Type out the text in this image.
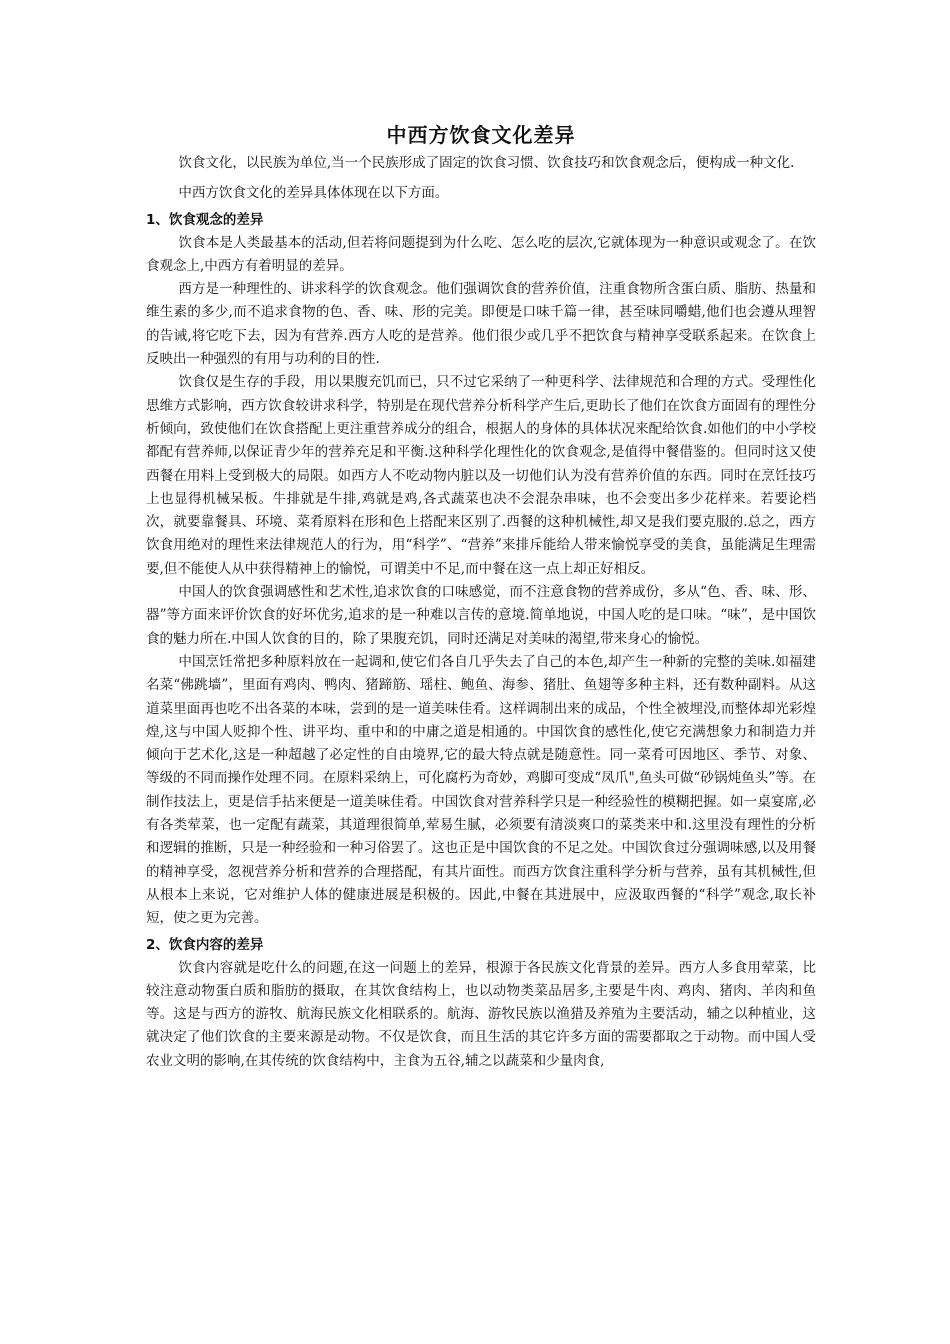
中西方饮食文化差异

饮食文化，以民族为单位,当一个民族形成了固定的饮食习惯、饮食技巧和饮食观念后，便构成一种文化.

中西方饮食文化的差异具体体现在以下方面。

1、饮食观念的差异

饮食本是人类最基本的活动,但若将问题提到为什么吃、怎么吃的层次,它就体现为一种意识或观念了。在饮食观念上,中西方有着明显的差异。

西方是一种理性的、讲求科学的饮食观念。他们强调饮食的营养价值，注重食物所含蛋白质、脂肪、热量和维生素的多少,而不追求食物的色、香、味、形的完美。即便是口味千篇一律，甚至味同嚼蜡,他们也会遵从理智的告诫,将它吃下去，因为有营养.西方人吃的是营养。他们很少或几乎不把饮食与精神享受联系起来。在饮食上反映出一种强烈的有用与功利的目的性.

饮食仅是生存的手段，用以果腹充饥而已，只不过它采纳了一种更科学、法律规范和合理的方式。受理性化思维方式影响，西方饮食较讲求科学，特别是在现代营养分析科学产生后,更助长了他们在饮食方面固有的理性分析倾向，致使他们在饮食搭配上更注重营养成分的组合，根据人的身体的具体状况来配给饮食.如他们的中小学校都配有营养师,以保证青少年的营养充足和平衡.这种科学化理性化的饮食观念,是值得中餐借鉴的。但同时这又使西餐在用料上受到极大的局限。如西方人不吃动物内脏以及一切他们认为没有营养价值的东西。同时在烹饪技巧上也显得机械呆板。牛排就是牛排,鸡就是鸡,各式蔬菜也决不会混杂串味，也不会变出多少花样来。若要论档次，就要靠餐具、环境、菜肴原料在形和色上搭配来区别了.西餐的这种机械性,却又是我们要克服的.总之，西方饮食用绝对的理性来法律规范人的行为，用“科学”、“营养”来排斥能给人带来愉悦享受的美食，虽能满足生理需要,但不能使人从中获得精神上的愉悦，可谓美中不足,而中餐在这一点上却正好相反。

中国人的饮食强调感性和艺术性,追求饮食的口味感觉，而不注意食物的营养成份，多从“色、香、味、形、器”等方面来评价饮食的好坏优劣,追求的是一种难以言传的意境.简单地说，中国人吃的是口味。“味”，是中国饮食的魅力所在.中国人饮食的目的，除了果腹充饥，同时还满足对美味的渴望,带来身心的愉悦。

中国烹饪常把多种原料放在一起调和,使它们各自几乎失去了自己的本色,却产生一种新的完整的美味.如福建名菜“佛跳墙”，里面有鸡肉、鸭肉、猪蹄筋、瑶柱、鲍鱼、海参、猪肚、鱼翅等多种主料，还有数种副料。从这道菜里面再也吃不出各菜的本味，尝到的是一道美味佳肴。这样调制出来的成品，个性全被埋没,而整体却光彩煌煌,这与中国人贬抑个性、讲平均、重中和的中庸之道是相通的。中国饮食的感性化,使它充满想象力和制造力并倾向于艺术化,这是一种超越了必定性的自由境界,它的最大特点就是随意性。同一菜肴可因地区、季节、对象、等级的不同而操作处理不同。在原料采纳上，可化腐朽为奇妙，鸡脚可变成“凤爪",鱼头可做“砂锅炖鱼头”等。在制作技法上，更是信手拈来便是一道美味佳肴。中国饮食对营养科学只是一种经验性的模糊把握。如一桌宴席,必有各类荤菜，也一定配有蔬菜，其道理很简单,荤易生腻，必须要有清淡爽口的菜类来中和.这里没有理性的分析和逻辑的推断，只是一种经验和一种习俗罢了。这也正是中国饮食的不足之处。中国饮食过分强调味感,以及用餐的精神享受，忽视营养分析和营养的合理搭配，有其片面性。而西方饮食注重科学分析与营养，虽有其机械性,但从根本上来说，它对维护人体的健康进展是积极的。因此,中餐在其进展中，应汲取西餐的“科学”观念,取长补短，使之更为完善。

2、饮食内容的差异

饮食内容就是吃什么的问题,在这一问题上的差异，根源于各民族文化背景的差异。西方人多食用荤菜，比较注意动物蛋白质和脂肪的摄取，在其饮食结构上，也以动物类菜品居多,主要是牛肉、鸡肉、猪肉、羊肉和鱼等。这是与西方的游牧、航海民族文化相联系的。航海、游牧民族以渔猎及养殖为主要活动，辅之以种植业，这就决定了他们饮食的主要来源是动物。不仅是饮食，而且生活的其它许多方面的需要都取之于动物。而中国人受农业文明的影响,在其传统的饮食结构中，主食为五谷,辅之以蔬菜和少量肉食,
